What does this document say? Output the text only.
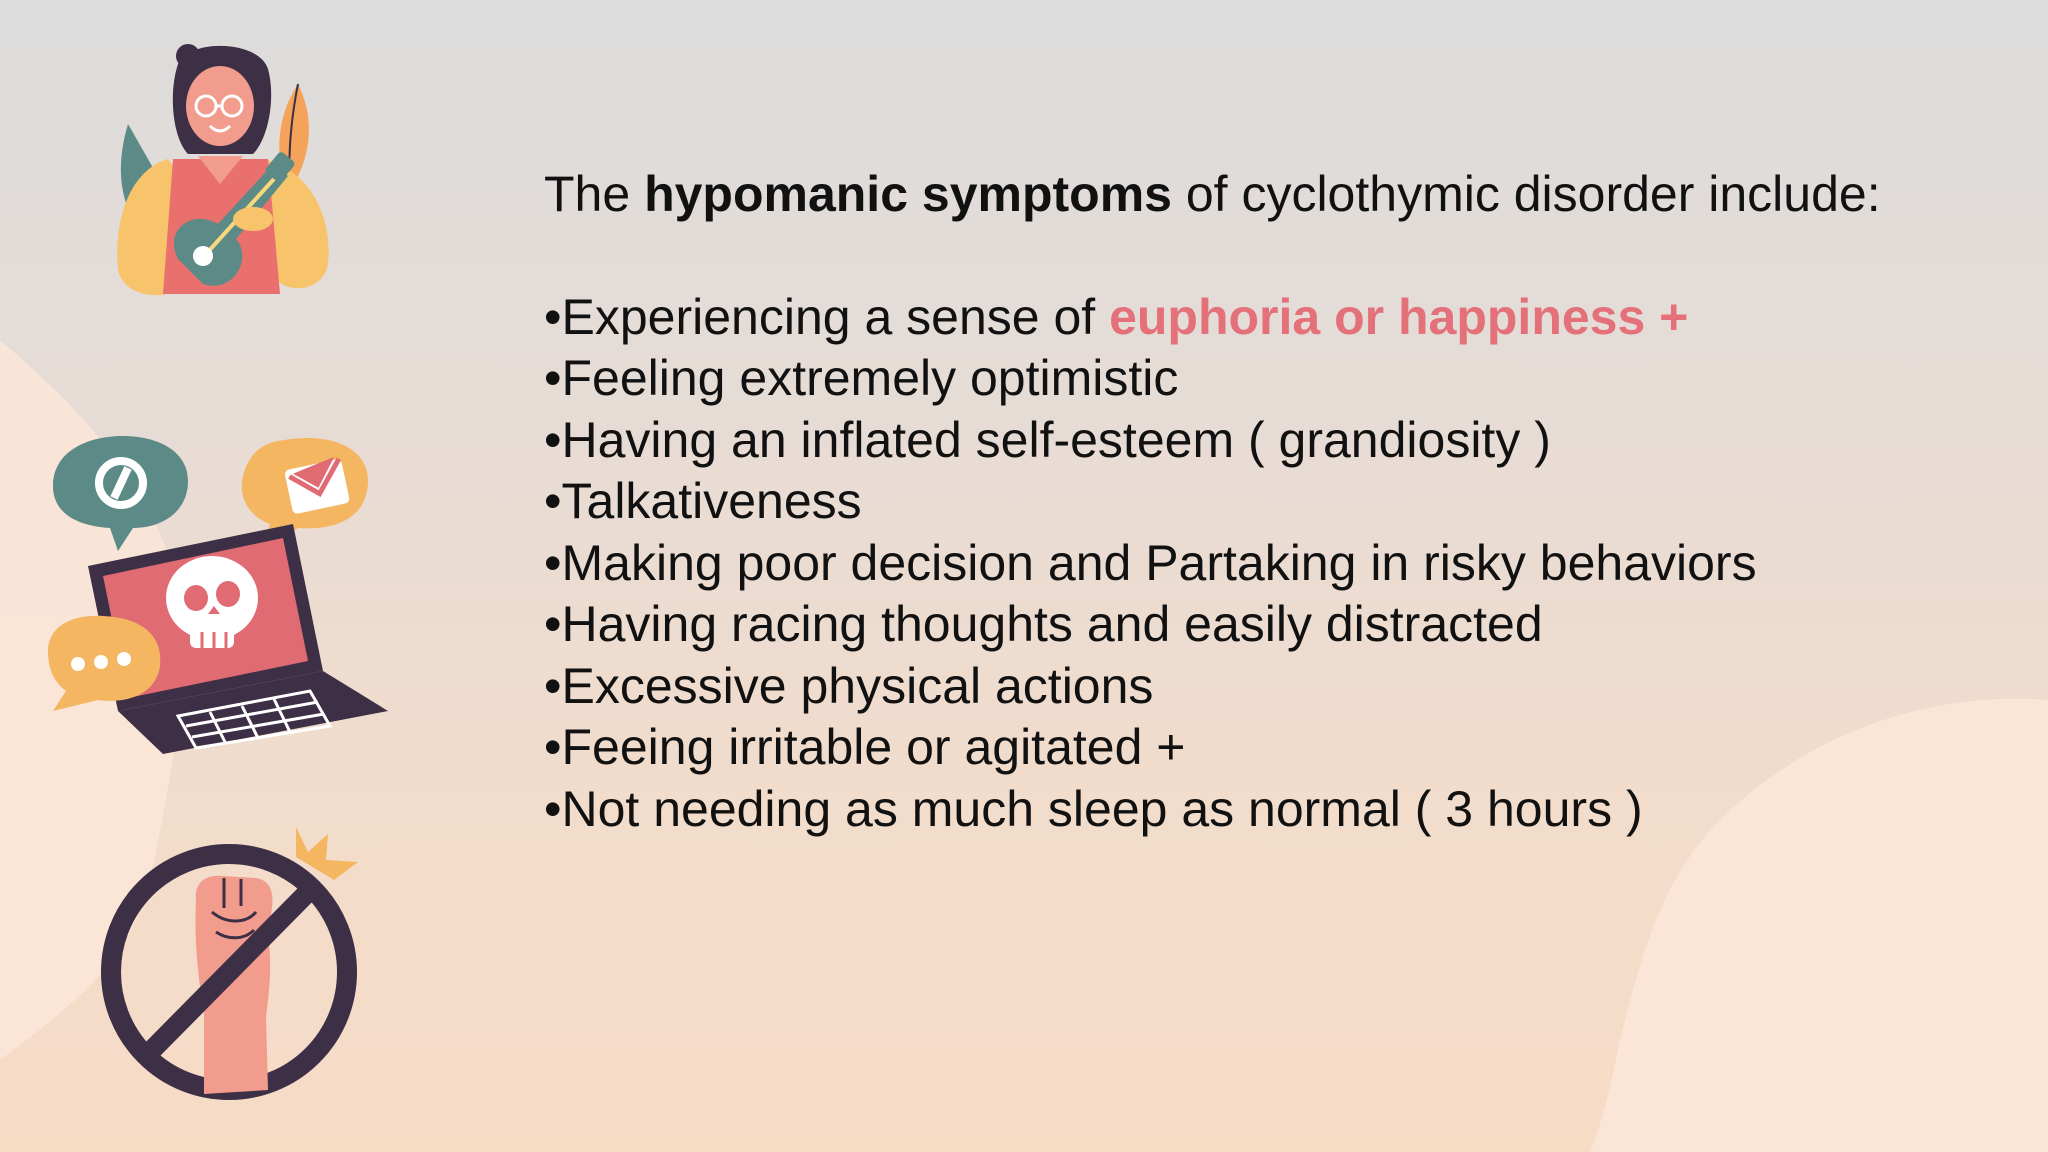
The hypomanic symptoms of cyclothymic disorder include:

•Experiencing a sense of euphoria or happiness +
•Feeling extremely optimistic
•Having an inflated self-esteem ( grandiosity )
•Talkativeness
•Making poor decision and Partaking in risky behaviors
•Having racing thoughts and easily distracted
•Excessive physical actions
•Feeing irritable or agitated +
•Not needing as much sleep as normal ( 3 hours )
